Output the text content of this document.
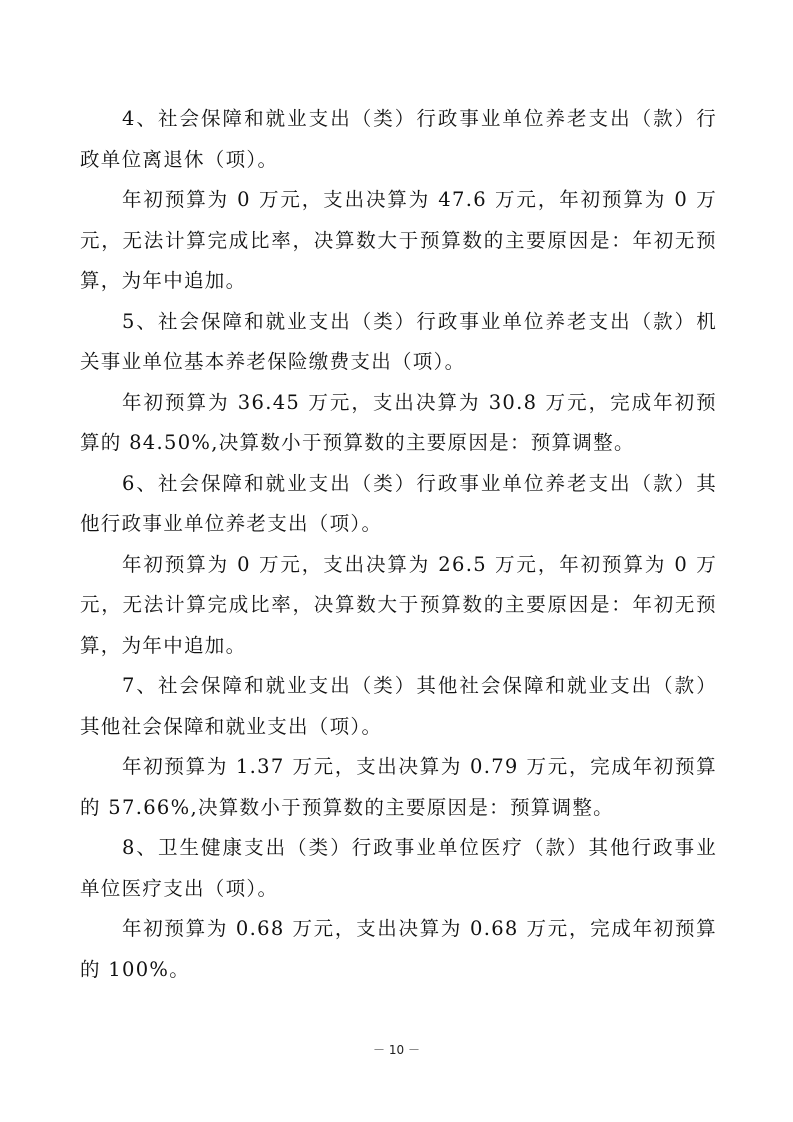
4、社会保障和就业支出（类）行政事业单位养老支出（款）行政单位离退休（项）。

年初预算为 0 万元，支出决算为 47.6 万元，年初预算为 0 万元，无法计算完成比率，决算数大于预算数的主要原因是：年初无预算，为年中追加。

5、社会保障和就业支出（类）行政事业单位养老支出（款）机关事业单位基本养老保险缴费支出（项）。

年初预算为 36.45 万元，支出决算为 30.8 万元，完成年初预算的 84.50%,决算数小于预算数的主要原因是：预算调整。

6、社会保障和就业支出（类）行政事业单位养老支出（款）其他行政事业单位养老支出（项）。

年初预算为 0 万元，支出决算为 26.5 万元，年初预算为 0 万元，无法计算完成比率，决算数大于预算数的主要原因是：年初无预算，为年中追加。

7、社会保障和就业支出（类）其他社会保障和就业支出（款）其他社会保障和就业支出（项）。

年初预算为 1.37 万元，支出决算为 0.79 万元，完成年初预算的 57.66%,决算数小于预算数的主要原因是：预算调整。

8、卫生健康支出（类）行政事业单位医疗（款）其他行政事业单位医疗支出（项）。

年初预算为 0.68 万元，支出决算为 0.68 万元，完成年初预算的 100%。

－ 10 －
